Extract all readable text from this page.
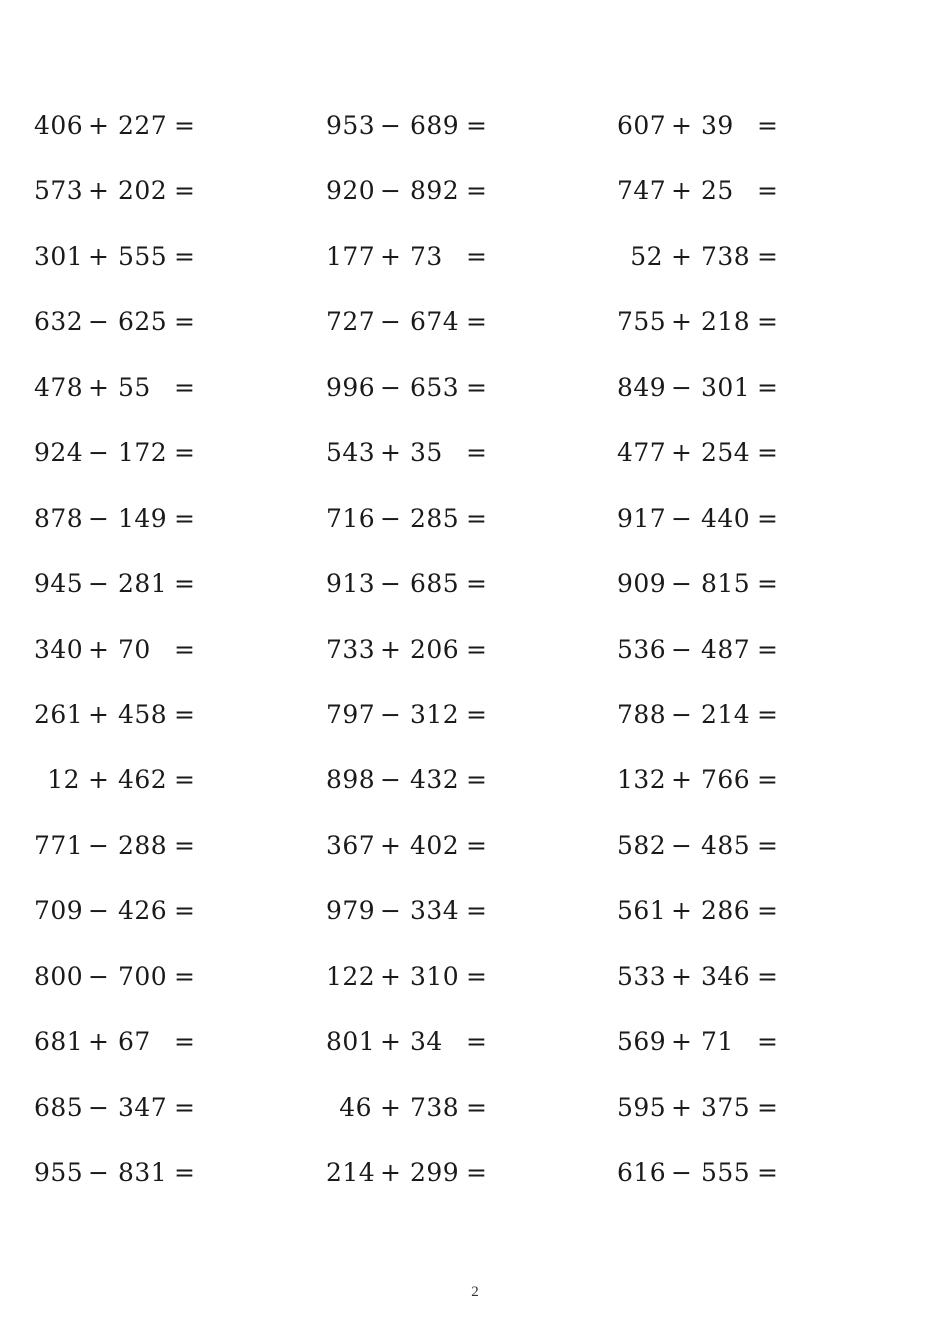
406 + 227 =	953 − 689 =	607 + 39 =
573 + 202 =	920 − 892 =	747 + 25 =
301 + 555 =	177 + 73 =	52 + 738 =
632 − 625 =	727 − 674 =	755 + 218 =
478 + 55 =	996 − 653 =	849 − 301 =
924 − 172 =	543 + 35 =	477 + 254 =
878 − 149 =	716 − 285 =	917 − 440 =
945 − 281 =	913 − 685 =	909 − 815 =
340 + 70 =	733 + 206 =	536 − 487 =
261 + 458 =	797 − 312 =	788 − 214 =
12 + 462 =	898 − 432 =	132 + 766 =
771 − 288 =	367 + 402 =	582 − 485 =
709 − 426 =	979 − 334 =	561 + 286 =
800 − 700 =	122 + 310 =	533 + 346 =
681 + 67 =	801 + 34 =	569 + 71 =
685 − 347 =	46 + 738 =	595 + 375 =
955 − 831 =	214 + 299 =	616 − 555 =
2
